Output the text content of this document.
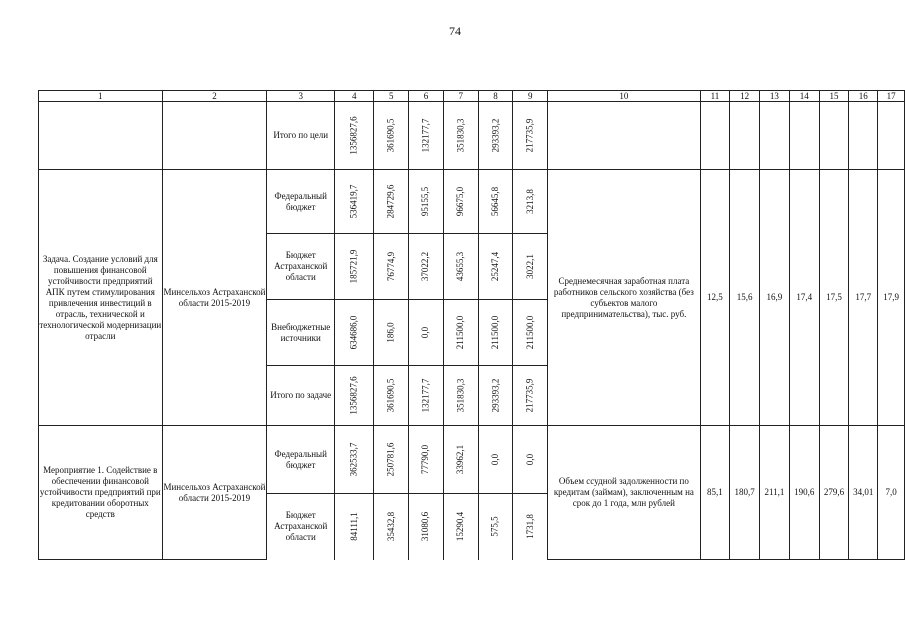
74
1	2	3	4	5	6	7	8	9	10	11	12	13	14	15	16	17
		Итого по цели	1356827,6	361690,5	132177,7	351830,3	293393,2	217735,9								
Задача. Создание условий для повышения финансовой устойчивости предприятий АПК путем стимулирования привлечения инвестиций в отрасль, технической и технологической модернизации отрасли	Минсельхоз Астраханской области 2015-2019	Федеральный бюджет	536419,7	284729,6	95155,5	96675,0	56645,8	3213,8	Среднемесячная заработная плата работников сельского хозяйства (без субъектов малого предпринимательства), тыс. руб.	12,5	15,6	16,9	17,4	17,5	17,7	17,9
		Бюджет Астраханской области	185721,9	76774,9	37022,2	43655,3	25247,4	3022,1								
		Внебюджетные источники	634686,0	186,0	0,0	211500,0	211500,0	211500,0								
		Итого по задаче	1356827,6	361690,5	132177,7	351830,3	293393,2	217735,9								
Мероприятие 1. Содействие в обеспечении финансовой устойчивости предприятий при кредитовании оборотных средств	Минсельхоз Астраханской области 2015-2019	Федеральный бюджет	362533,7	250781,6	77790,0	33962,1	0,0	0,0	Объем ссудной задолженности по кредитам (займам), заключенным на срок до 1 года, млн рублей	85,1	180,7	211,1	190,6	279,6	34,01	7,0
		Бюджет Астраханской области	84111,1	35432,8	31080,6	15290,4	575,5	1731,8								
